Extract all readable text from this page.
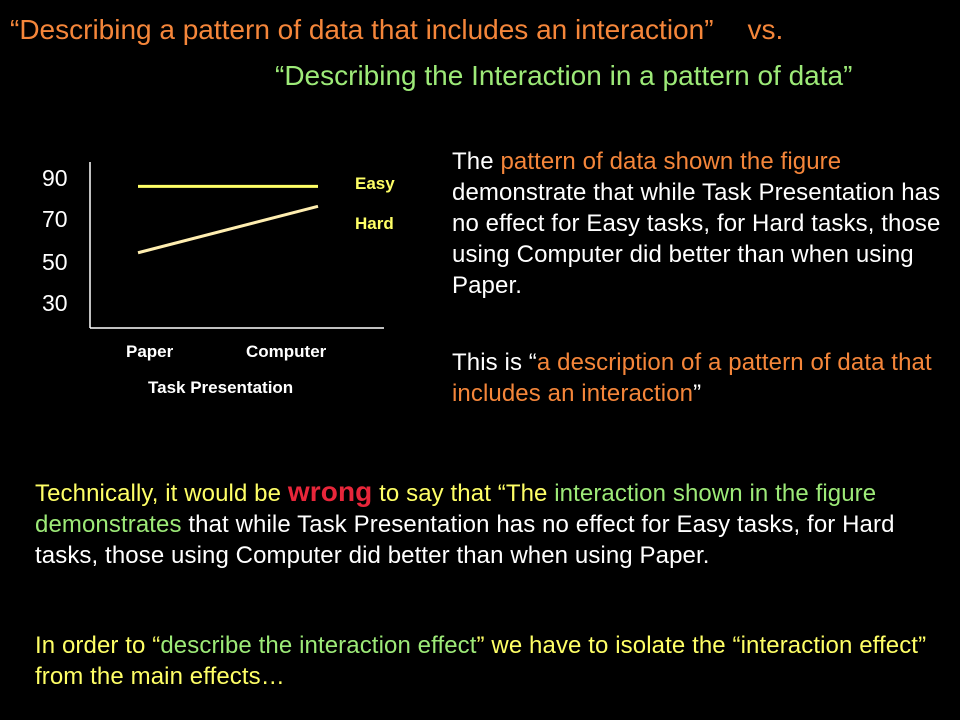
“Describing a pattern of data that includes an interaction” vs.
“Describing the Interaction in a pattern of data”
90
70
50
30
Easy
Hard
Paper	Computer
Task Presentation
The pattern of data shown the figure demonstrate that while Task Presentation has no effect for Easy tasks, for Hard tasks, those using Computer did better than when using Paper.
This is “a description of a pattern of data that includes an interaction”
Technically, it would be wrong to say that “The interaction shown in the figure demonstrates that while Task Presentation has no effect for Easy tasks, for Hard tasks, those using Computer did better than when using Paper.
In order to “describe the interaction effect” we have to isolate the “interaction effect” from the main effects…
